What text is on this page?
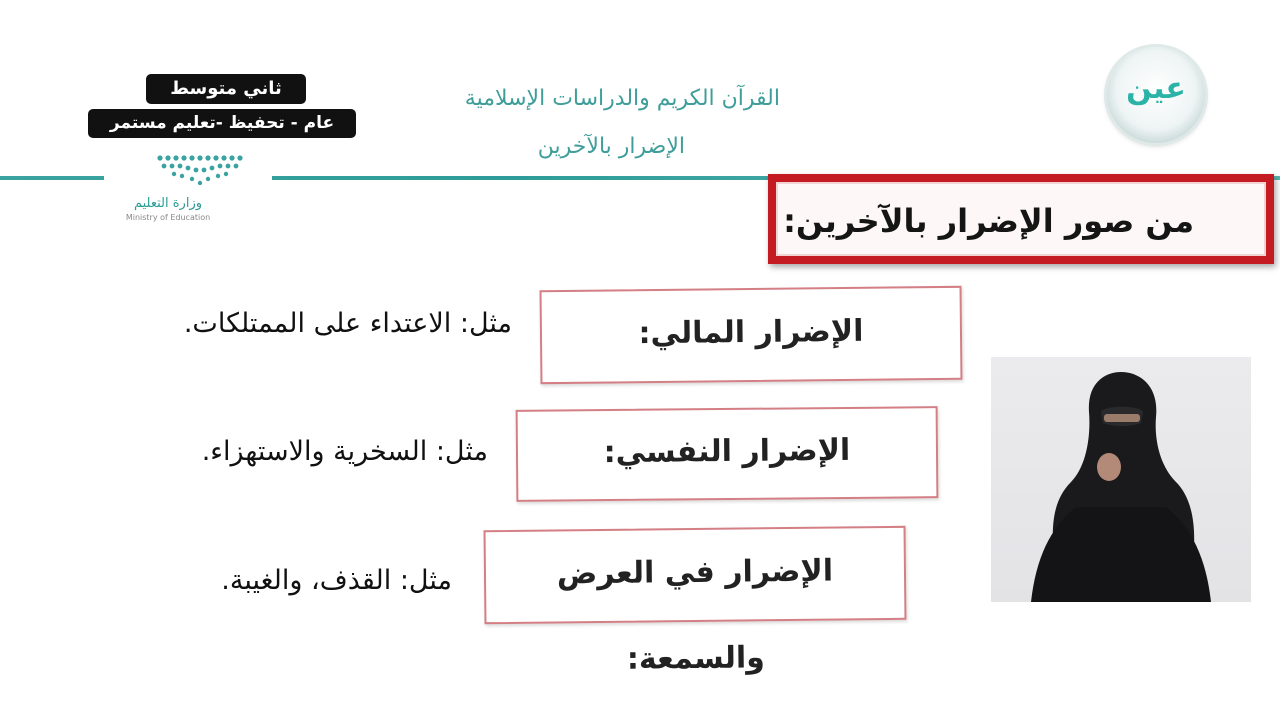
ثاني متوسط
عام - تحفيظ -تعليم مستمر
وزارة التعليم
Ministry of Education
القرآن الكريم والدراسات الإسلامية
الإضرار بالآخرين
عين
من صور الإضرار بالآخرين:
الإضرار المالي:
مثل: الاعتداء على الممتلكات.
الإضرار النفسي:
مثل: السخرية والاستهزاء.
الإضرار في العرض والسمعة:
مثل: القذف، والغيبة.
